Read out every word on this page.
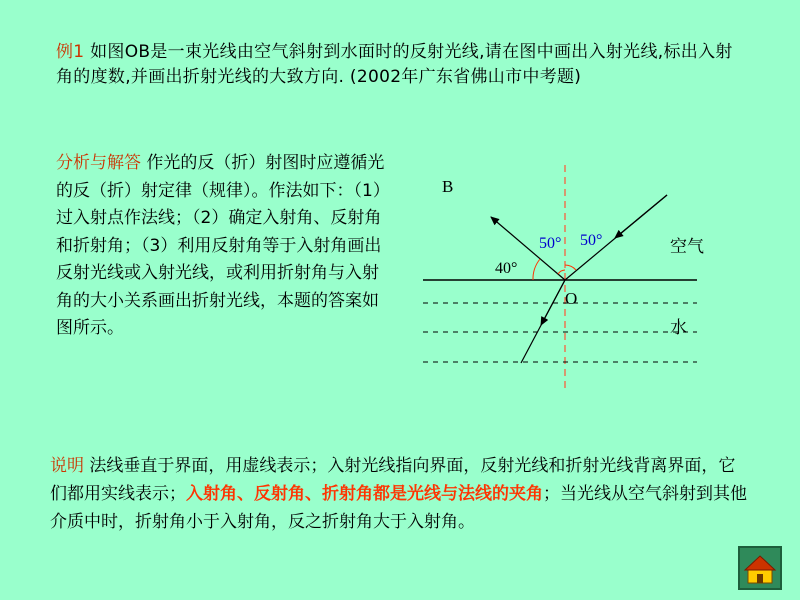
例1 如图OB是一束光线由空气斜射到水面时的反射光线,请在图中画出入射光线,标出入射角的度数,并画出折射光线的大致方向. (2002年广东省佛山市中考题)
分析与解答 作光的反（折）射图时应遵循光的反（折）射定律（规律）。作法如下：（1）过入射点作法线；（2）确定入射角、反射角和折射角；（3）利用反射角等于入射角画出反射光线或入射光线，或利用折射角与入射角的大小关系画出折射光线，本题的答案如图所示。
B
O
40°
50° 50°	空气
水
说明 法线垂直于界面，用虚线表示；入射光线指向界面，反射光线和折射光线背离界面，它们都用实线表示；入射角、反射角、折射角都是光线与法线的夹角；当光线从空气斜射到其他介质中时，折射角小于入射角，反之折射角大于入射角。
